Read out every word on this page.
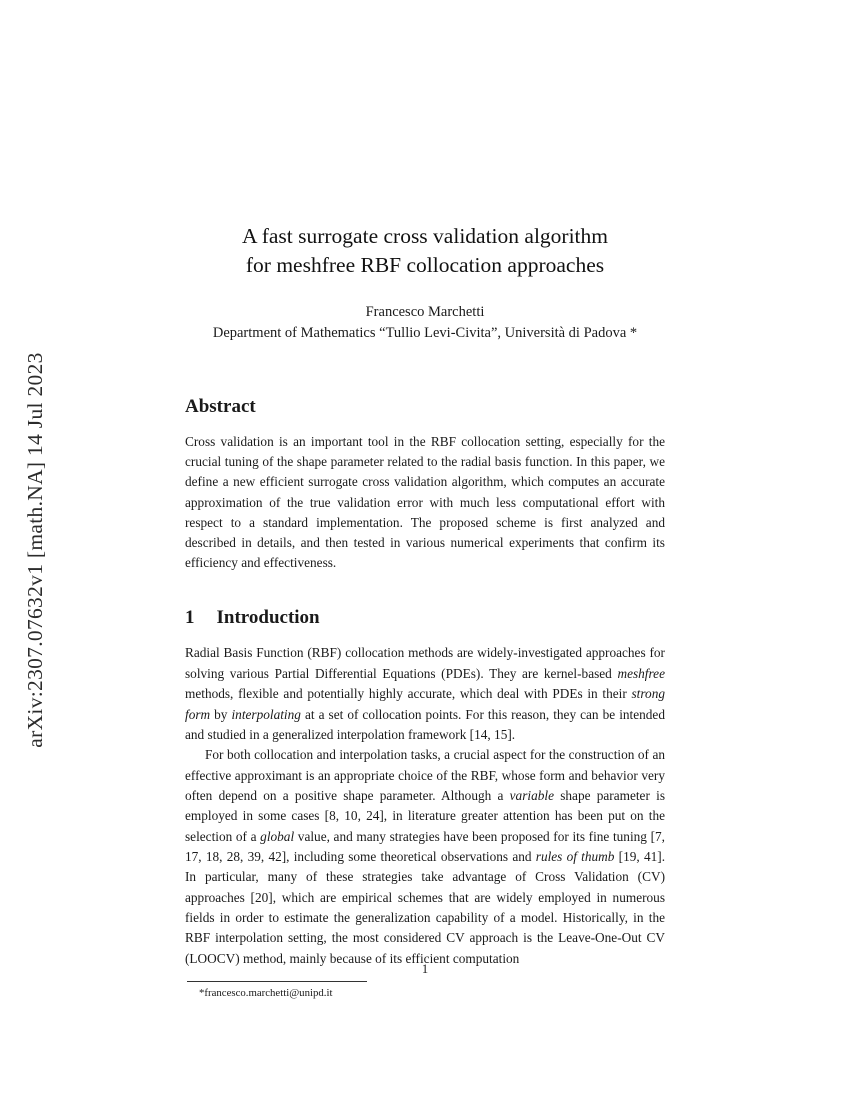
arXiv:2307.07632v1 [math.NA] 14 Jul 2023
A fast surrogate cross validation algorithm
for meshfree RBF collocation approaches
Francesco Marchetti
Department of Mathematics “Tullio Levi-Civita”, Università di Padova *
Abstract
Cross validation is an important tool in the RBF collocation setting, especially for the crucial tuning of the shape parameter related to the radial basis function. In this paper, we define a new efficient surrogate cross validation algorithm, which computes an accurate approximation of the true validation error with much less computational effort with respect to a standard implementation. The proposed scheme is first analyzed and described in details, and then tested in various numerical experiments that confirm its efficiency and effectiveness.
1 Introduction

Radial Basis Function (RBF) collocation methods are widely-investigated approaches for solving various Partial Differential Equations (PDEs). They are kernel-based meshfree methods, flexible and potentially highly accurate, which deal with PDEs in their strong form by interpolating at a set of collocation points. For this reason, they can be intended and studied in a generalized interpolation framework [14, 15].

For both collocation and interpolation tasks, a crucial aspect for the construction of an effective approximant is an appropriate choice of the RBF, whose form and behavior very often depend on a positive shape parameter. Although a variable shape parameter is employed in some cases [8, 10, 24], in literature greater attention has been put on the selection of a global value, and many strategies have been proposed for its fine tuning [7, 17, 18, 28, 39, 42], including some theoretical observations and rules of thumb [19, 41]. In particular, many of these strategies take advantage of Cross Validation (CV) approaches [20], which are empirical schemes that are widely employed in numerous fields in order to estimate the generalization capability of a model. Historically, in the RBF interpolation setting, the most considered CV approach is the Leave-One-Out CV (LOOCV) method, mainly because of its efficient computation

*francesco.marchetti@unipd.it
1
